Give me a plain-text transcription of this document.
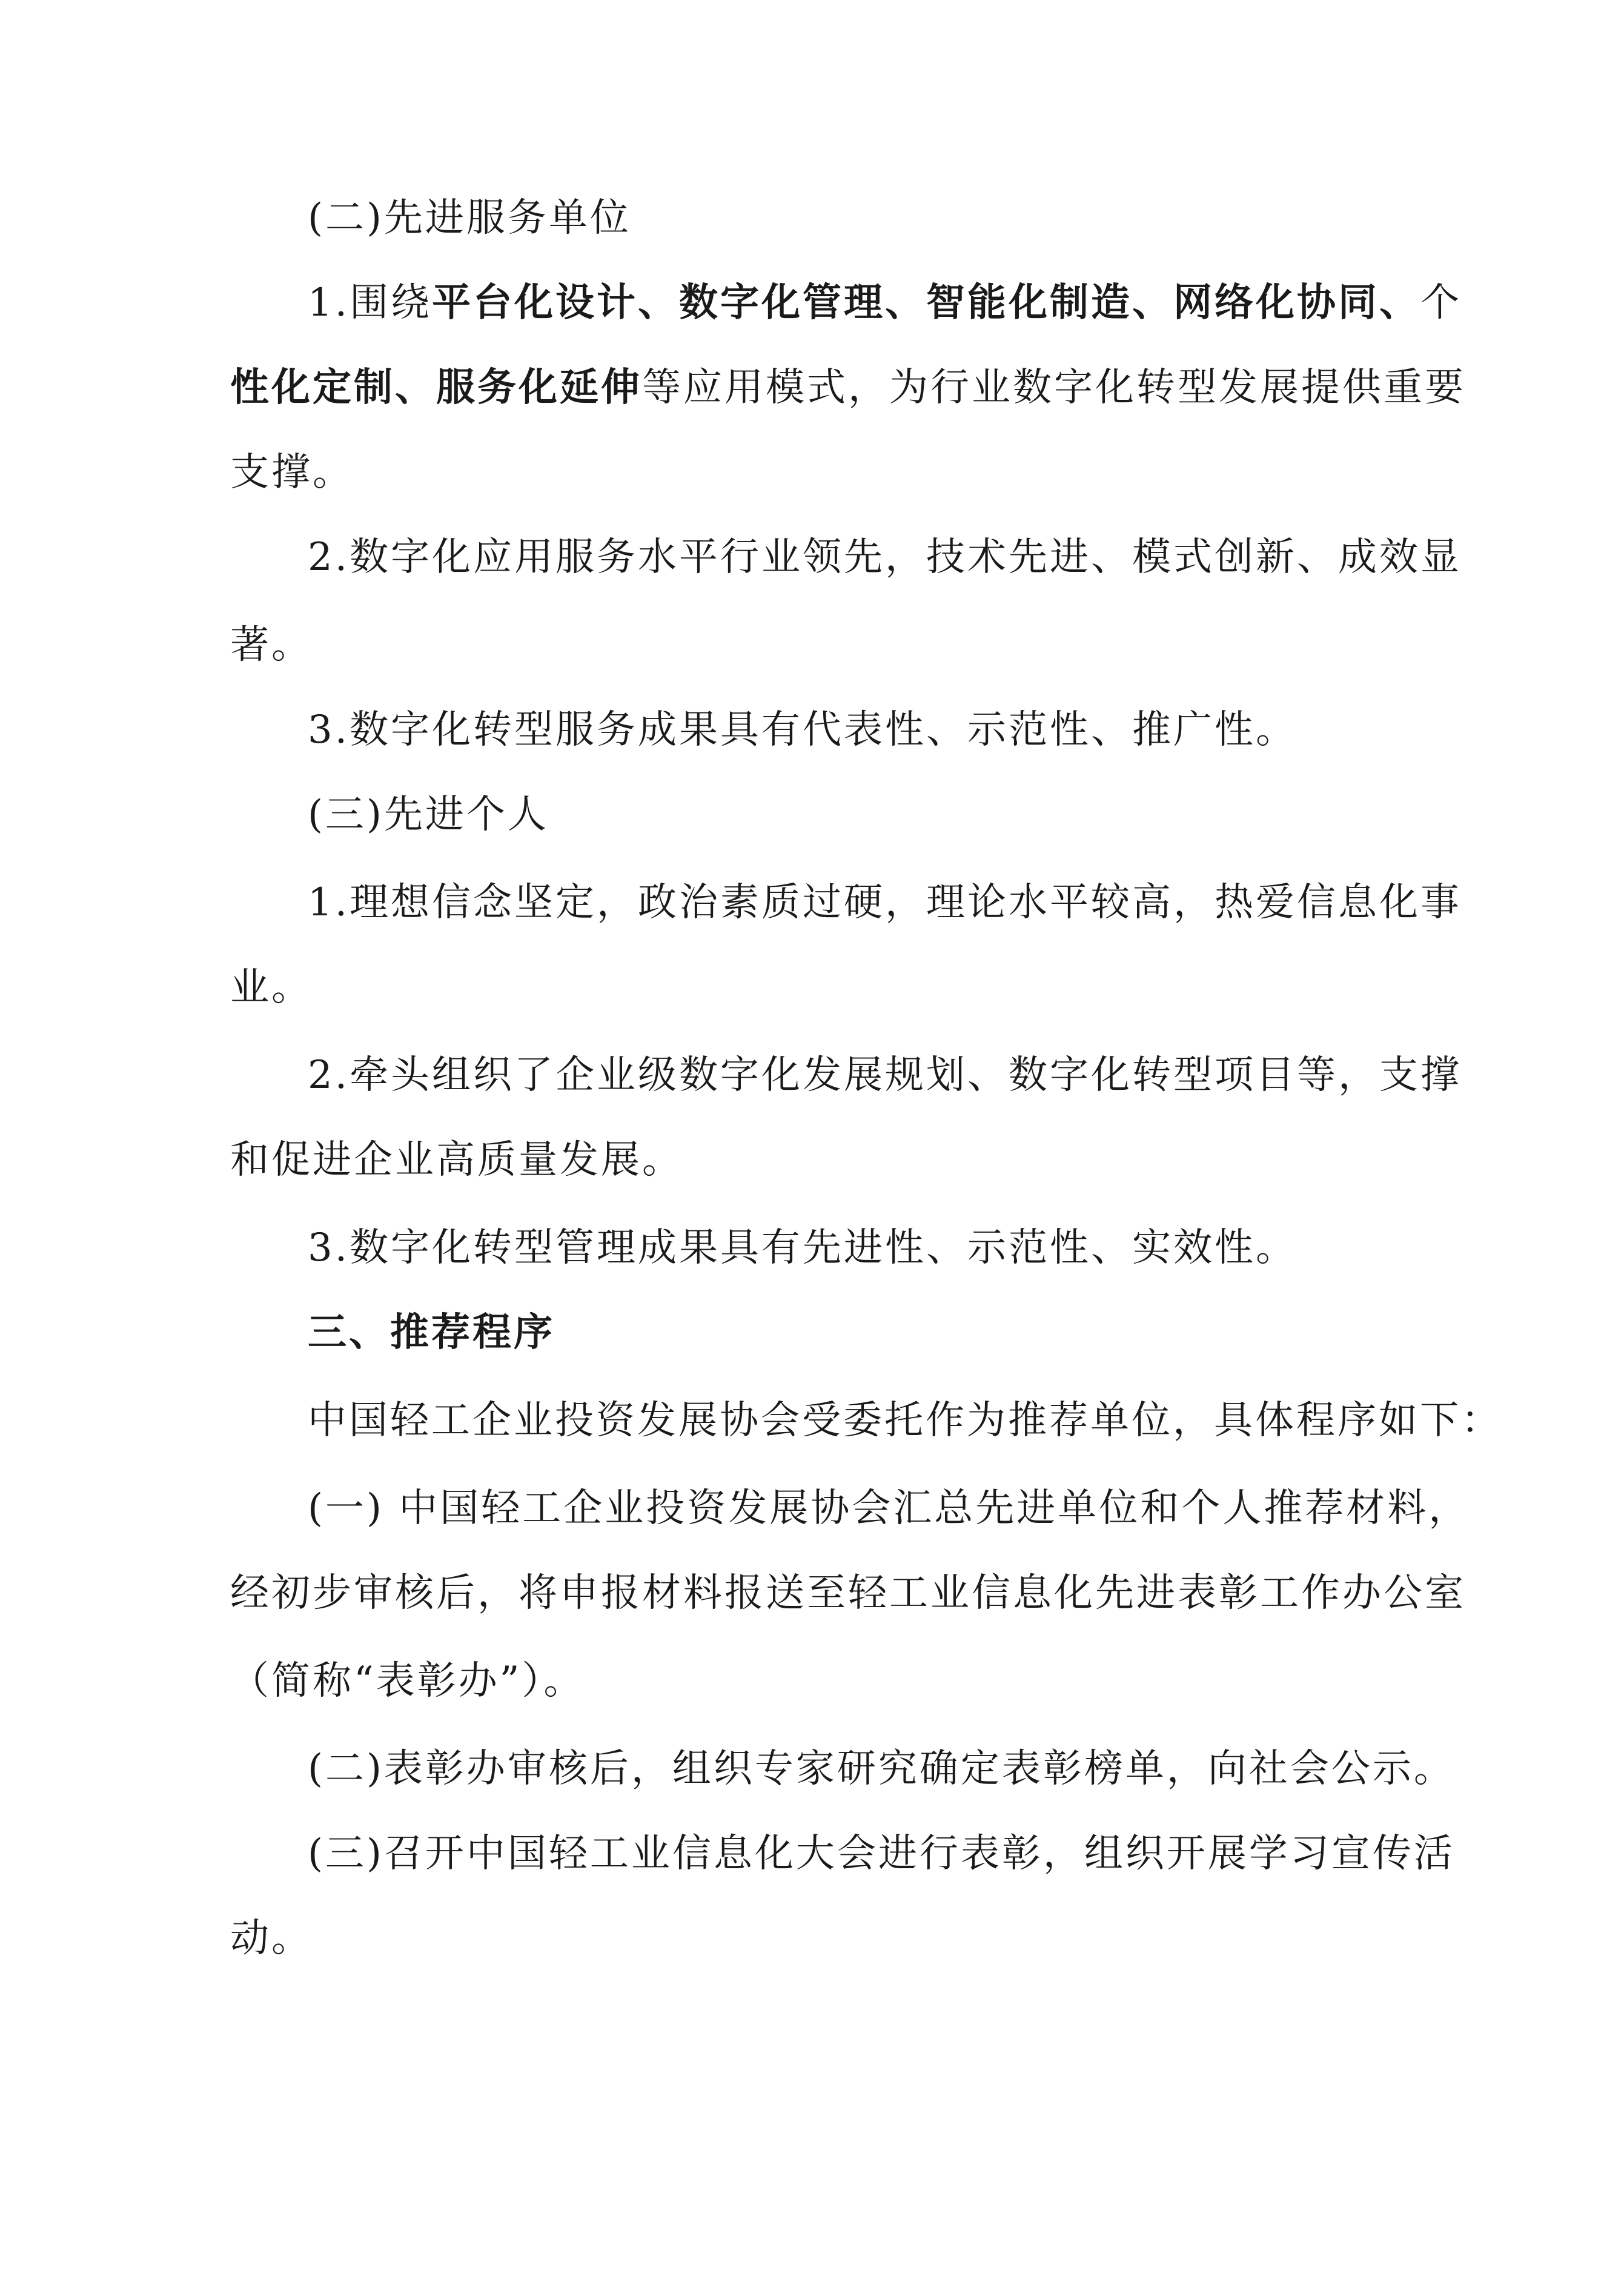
(二)先进服务单位
1.围绕平台化设计、数字化管理、智能化制造、网络化协同、个
性化定制、服务化延伸等应用模式，为行业数字化转型发展提供重要
支撑。
2.数字化应用服务水平行业领先，技术先进、模式创新、成效显
著。
3.数字化转型服务成果具有代表性、示范性、推广性。
(三)先进个人
1.理想信念坚定，政治素质过硬，理论水平较高，热爱信息化事
业。
2.牵头组织了企业级数字化发展规划、数字化转型项目等，支撑
和促进企业高质量发展。
3.数字化转型管理成果具有先进性、示范性、实效性。
三、推荐程序
中国轻工企业投资发展协会受委托作为推荐单位，具体程序如下：
(一) 中国轻工企业投资发展协会汇总先进单位和个人推荐材料，
经初步审核后，将申报材料报送至轻工业信息化先进表彰工作办公室
（简称“表彰办”）。
(二)表彰办审核后，组织专家研究确定表彰榜单，向社会公示。
(三)召开中国轻工业信息化大会进行表彰，组织开展学习宣传活
动。
